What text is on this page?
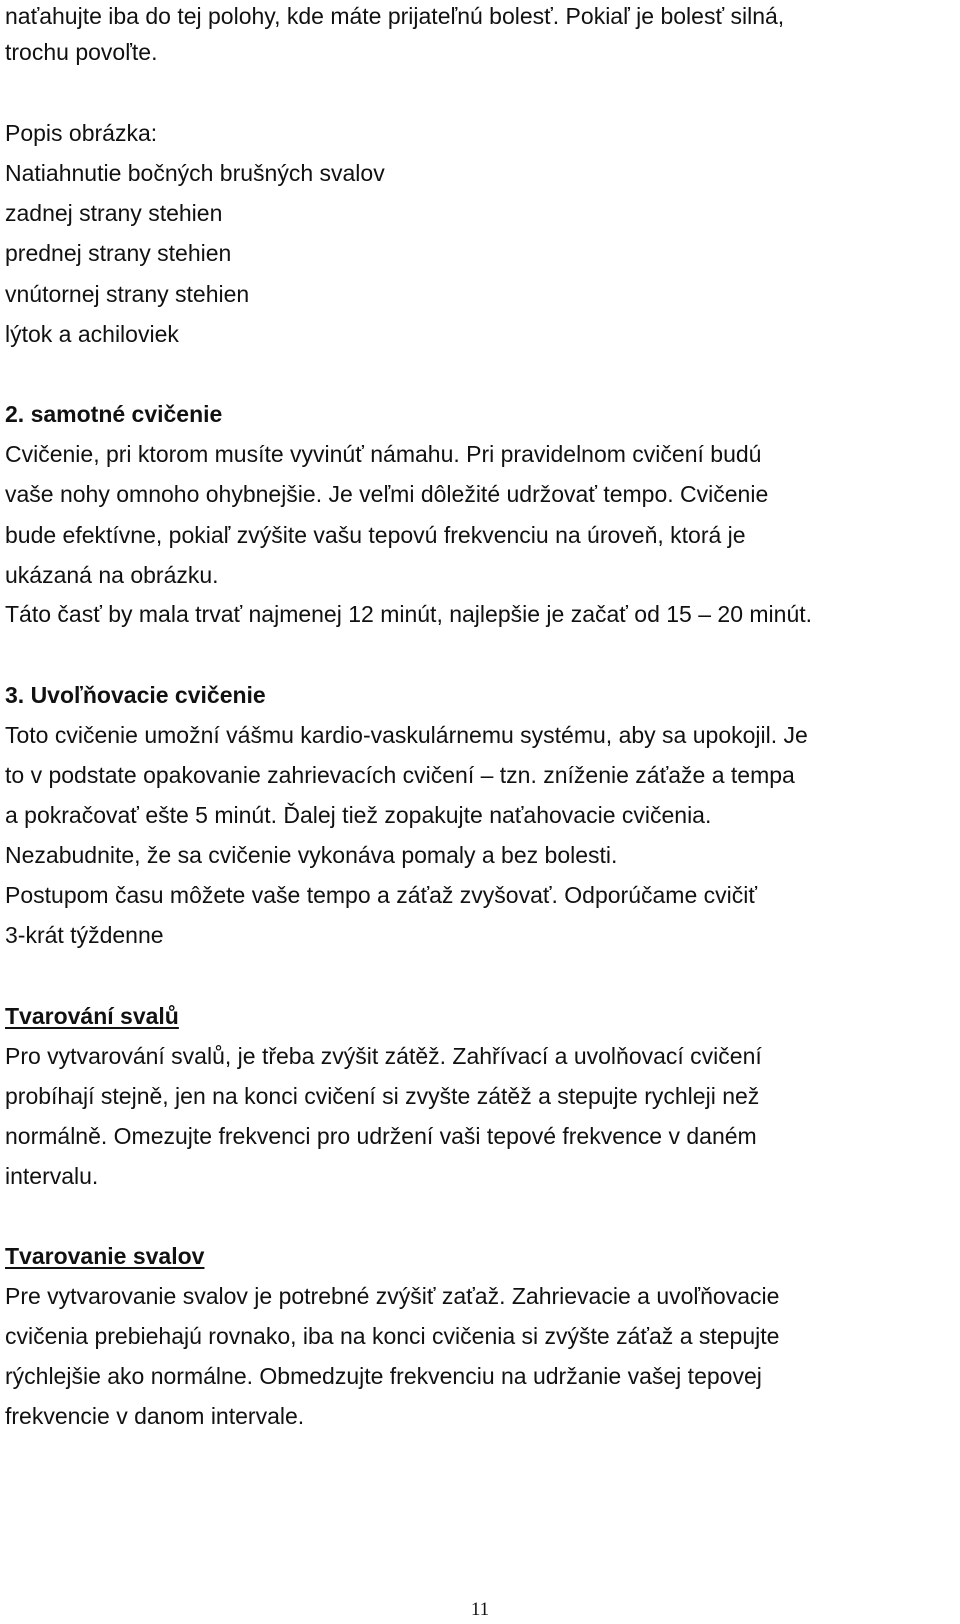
naťahujte iba do tej polohy, kde máte prijateľnú bolesť. Pokiaľ je bolesť silná,
trochu povoľte.
Popis obrázka:
Natiahnutie bočných brušných svalov
zadnej strany stehien
prednej strany stehien
vnútornej strany stehien
lýtok a achiloviek
2. samotné cvičenie
Cvičenie, pri ktorom musíte vyvinúť námahu. Pri pravidelnom cvičení budú
vaše nohy omnoho ohybnejšie. Je veľmi dôležité udržovať tempo. Cvičenie
bude efektívne, pokiaľ zvýšite vašu tepovú frekvenciu na úroveň, ktorá je
ukázaná na obrázku.
Táto časť by mala trvať najmenej 12 minút, najlepšie je začať od 15 – 20 minút.
3. Uvoľňovacie cvičenie
Toto cvičenie umožní vášmu kardio-vaskulárnemu systému, aby sa upokojil. Je
to v podstate opakovanie zahrievacích cvičení – tzn. zníženie záťaže a tempa
a pokračovať ešte 5 minút. Ďalej tiež zopakujte naťahovacie cvičenia.
Nezabudnite, že sa cvičenie vykonáva pomaly a bez bolesti.
Postupom času môžete vaše tempo a záťaž zvyšovať. Odporúčame cvičiť
3-krát týždenne
Tvarování svalů
Pro vytvarování svalů, je třeba zvýšit zátěž. Zahřívací a uvolňovací cvičení
probíhají stejně, jen na konci cvičení si zvyšte zátěž a stepujte rychleji než
normálně. Omezujte frekvenci pro udržení vaši tepové frekvence v daném
intervalu.
Tvarovanie svalov
Pre vytvarovanie svalov je potrebné zvýšiť zaťaž. Zahrievacie a uvoľňovacie
cvičenia prebiehajú rovnako, iba na konci cvičenia si zvýšte záťaž a stepujte
rýchlejšie ako normálne. Obmedzujte frekvenciu na udržanie vašej tepovej
frekvencie v danom intervale.
11
